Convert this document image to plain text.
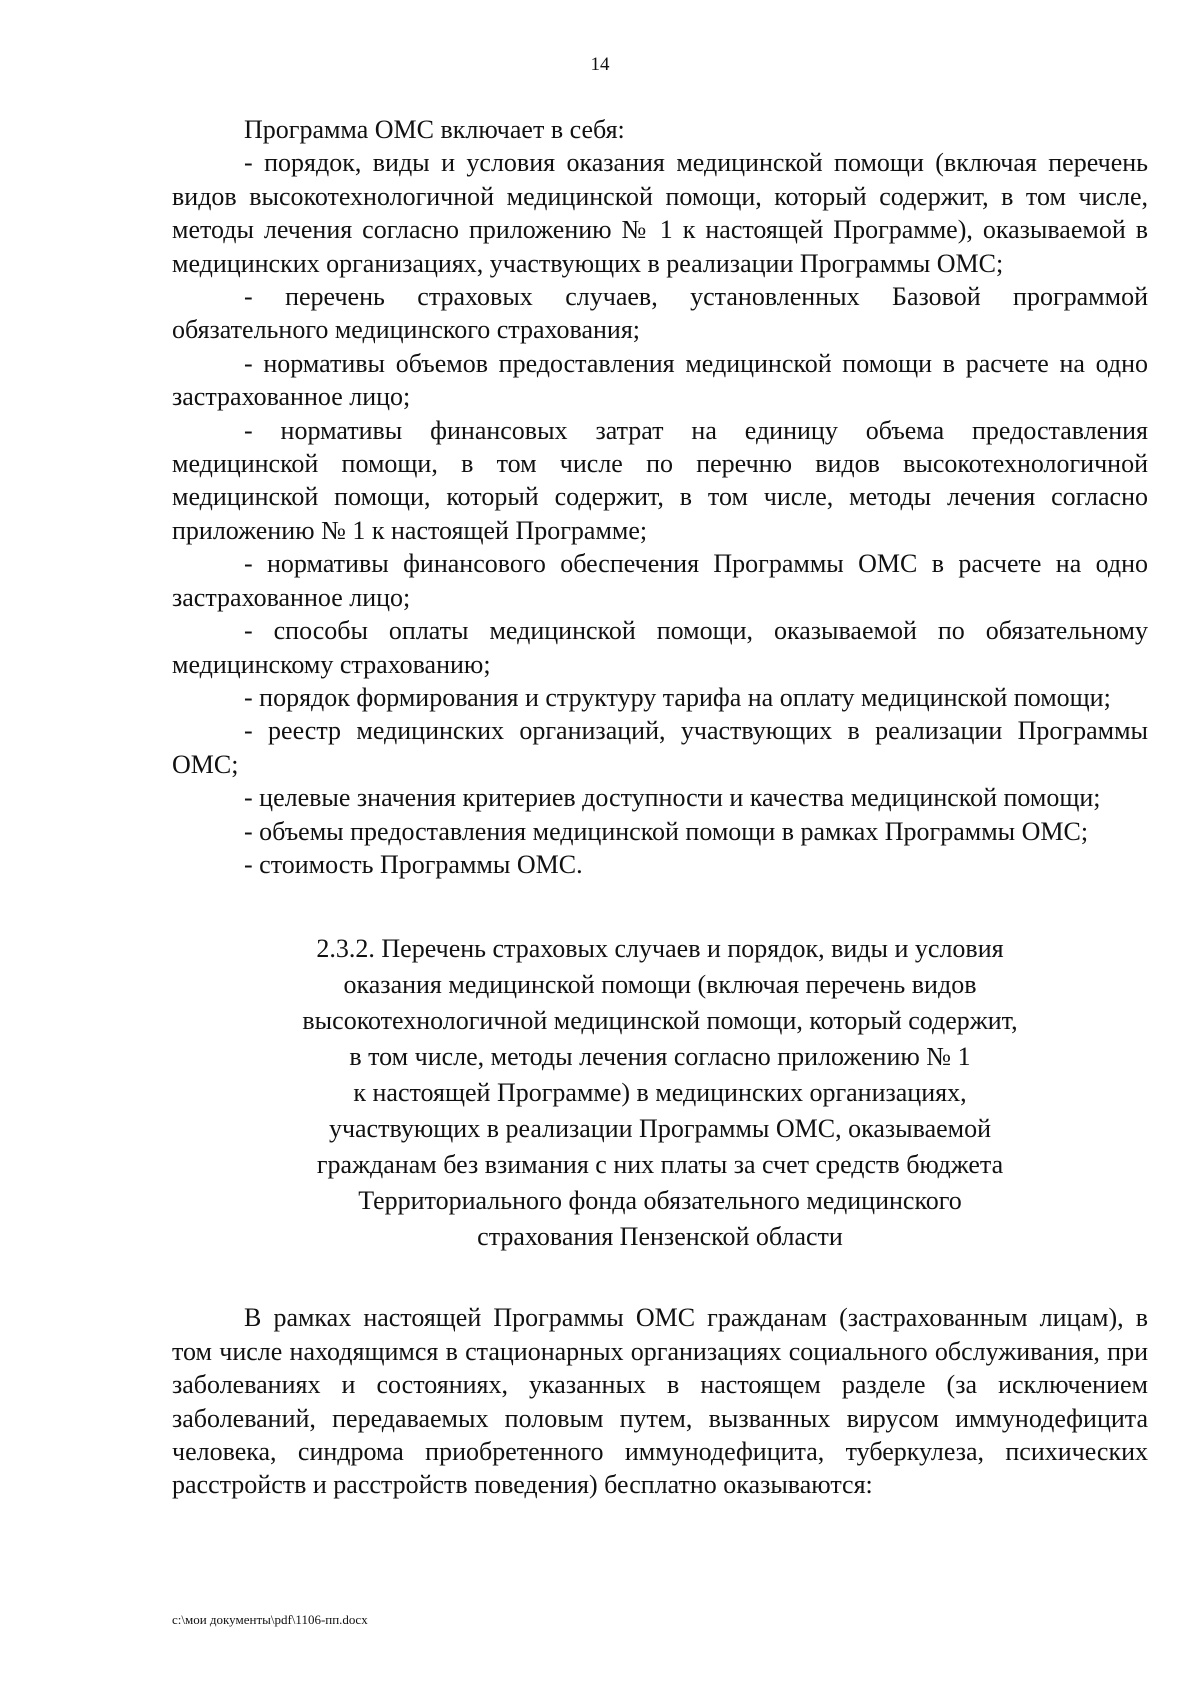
14

Программа ОМС включает в себя:

- порядок, виды и условия оказания медицинской помощи (включая перечень видов высокотехнологичной медицинской помощи, который содержит, в том числе, методы лечения согласно приложению № 1 к настоящей Программе), оказываемой в медицинских организациях, участвующих в реализации Программы ОМС;

- перечень страховых случаев, установленных Базовой программой обязательного медицинского страхования;

- нормативы объемов предоставления медицинской помощи в расчете на одно застрахованное лицо;

- нормативы финансовых затрат на единицу объема предоставления медицинской помощи, в том числе по перечню видов высокотехнологичной медицинской помощи, который содержит, в том числе, методы лечения согласно приложению № 1 к настоящей Программе;

- нормативы финансового обеспечения Программы ОМС в расчете на одно застрахованное лицо;

- способы оплаты медицинской помощи, оказываемой по обязательному медицинскому страхованию;

- порядок формирования и структуру тарифа на оплату медицинской помощи;

- реестр медицинских организаций, участвующих в реализации Программы ОМС;

- целевые значения критериев доступности и качества медицинской помощи;

- объемы предоставления медицинской помощи в рамках Программы ОМС;

- стоимость Программы ОМС.

2.3.2. Перечень страховых случаев и порядок, виды и условия
оказания медицинской помощи (включая перечень видов
высокотехнологичной медицинской помощи, который содержит,
в том числе, методы лечения согласно приложению № 1
к настоящей Программе) в медицинских организациях,
участвующих в реализации Программы ОМС, оказываемой
гражданам без взимания с них платы за счет средств бюджета
Территориального фонда обязательного медицинского
страхования Пензенской области

В рамках настоящей Программы ОМС гражданам (застрахованным лицам), в том числе находящимся в стационарных организациях социального обслуживания, при заболеваниях и состояниях, указанных в настоящем разделе (за исключением заболеваний, передаваемых половым путем, вызванных вирусом иммунодефицита человека, синдрома приобретенного иммунодефицита, туберкулеза, психических расстройств и расстройств поведения) бесплатно оказываются:

c:\мои документы\pdf\1106-пп.docx
